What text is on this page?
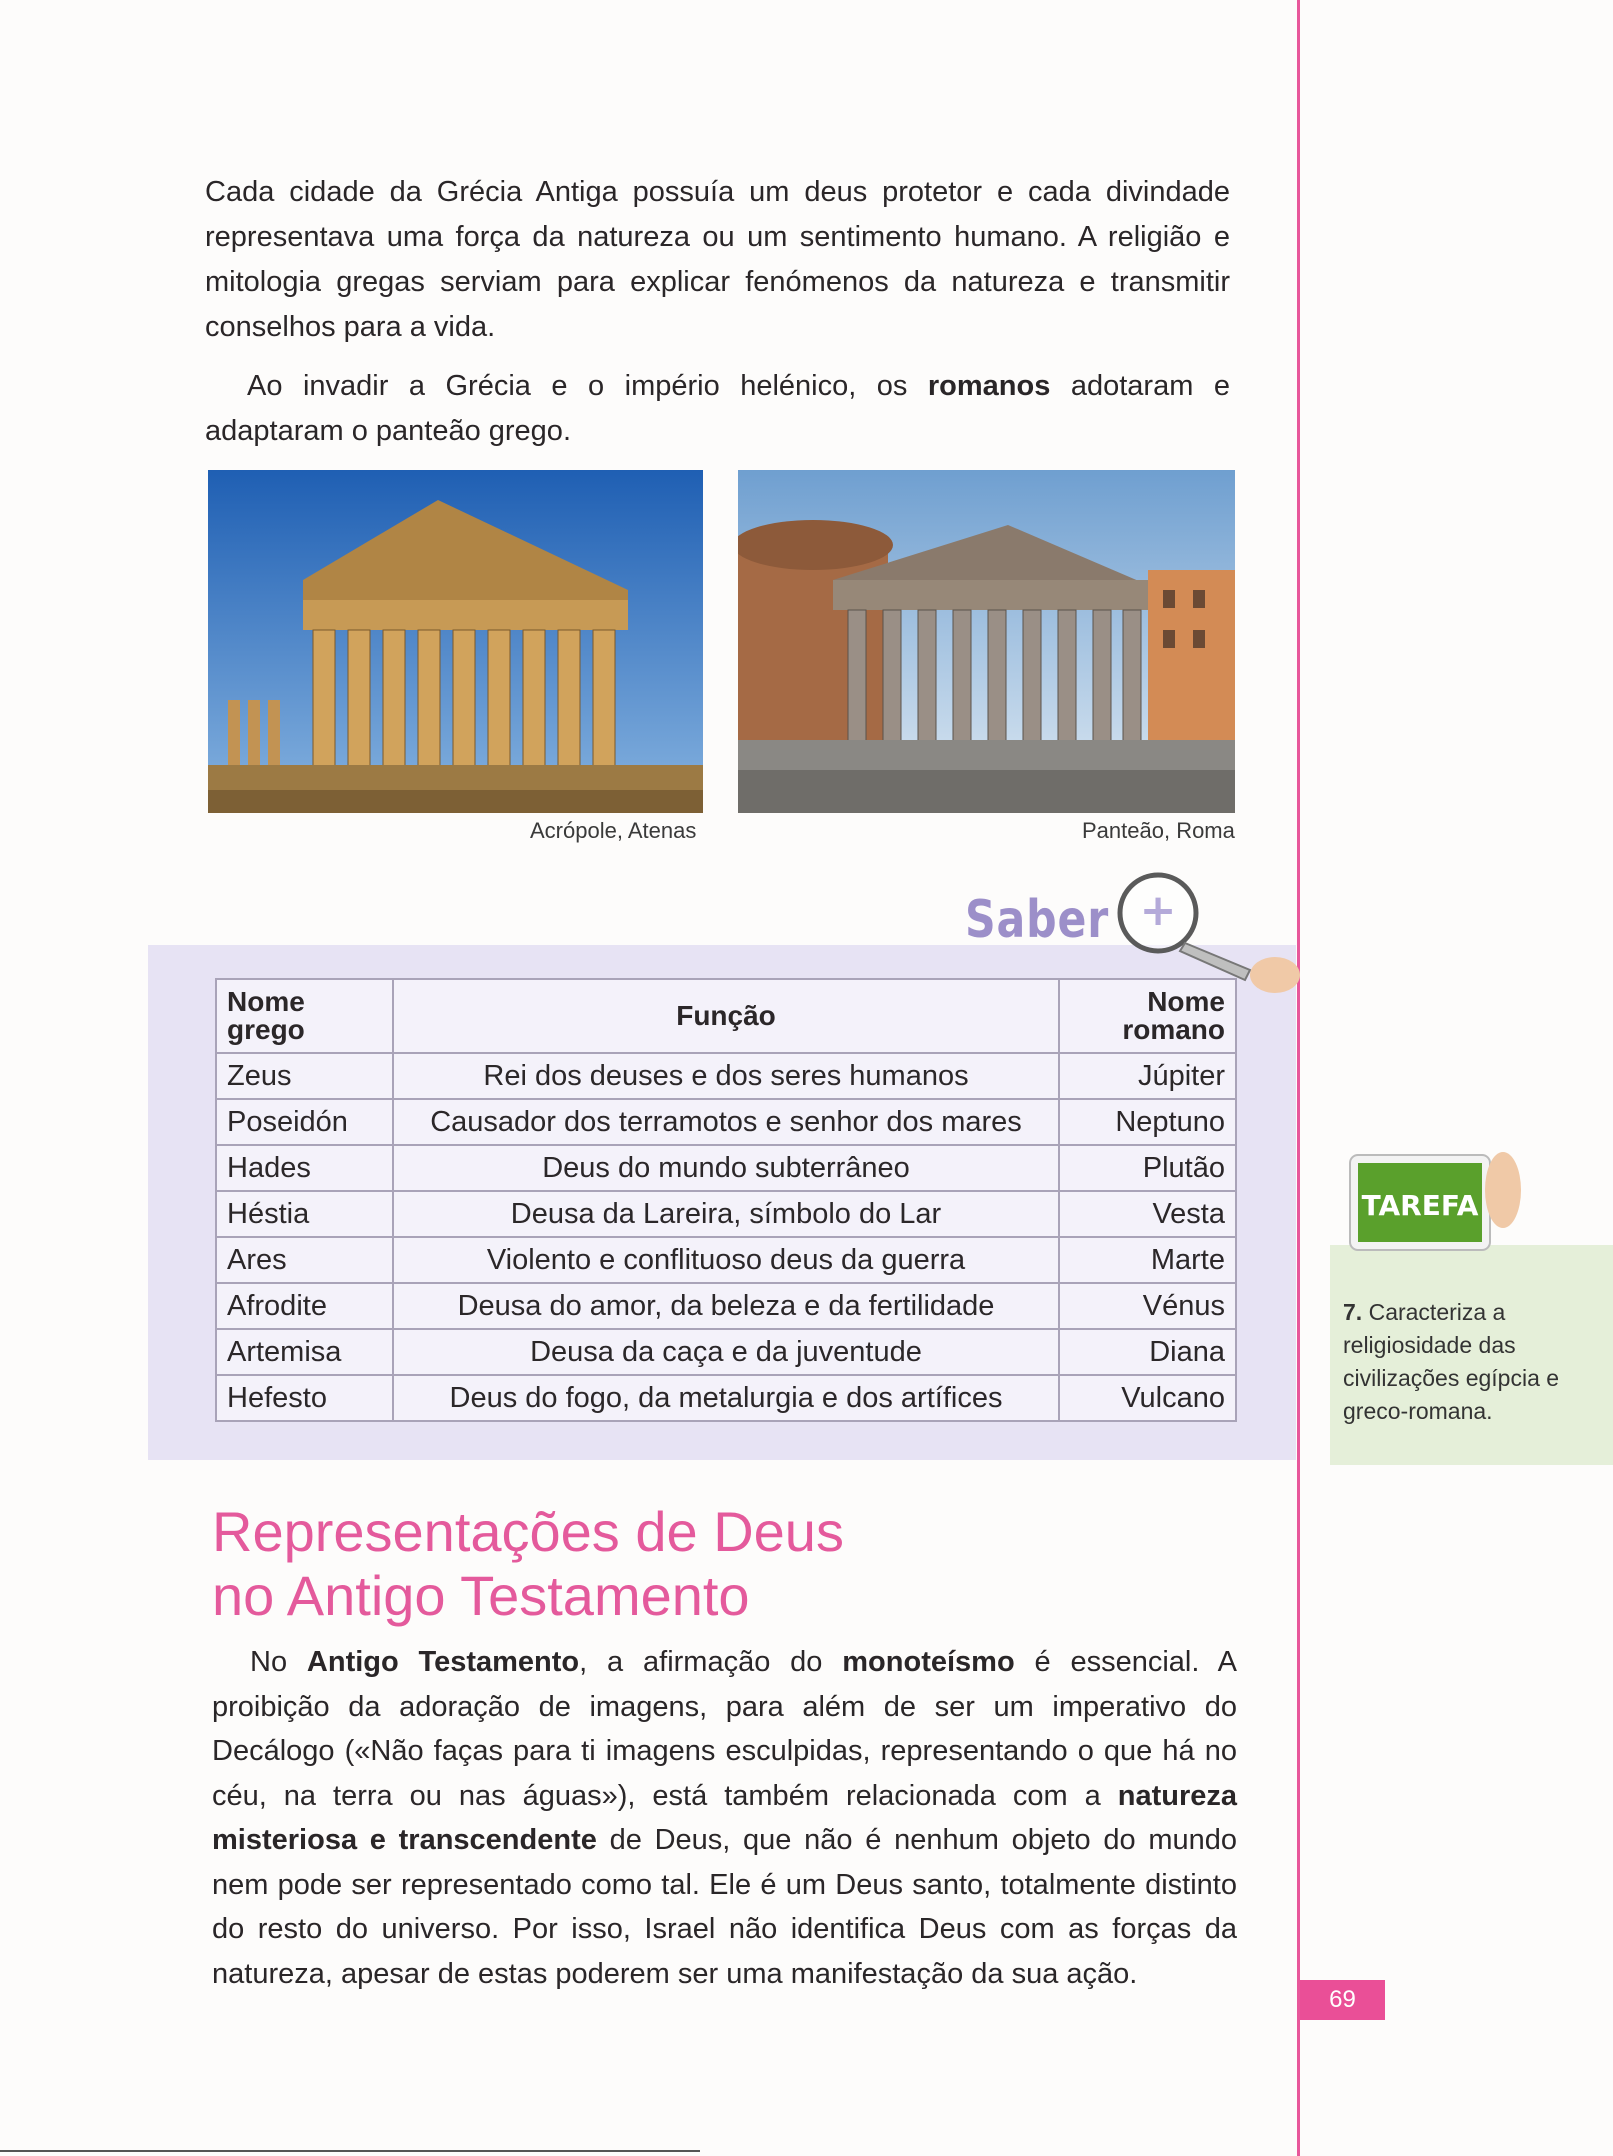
Cada cidade da Grécia Antiga possuía um deus protetor e cada divindade representava uma força da natureza ou um sentimento humano. A religião e mitologia gregas serviam para explicar fenómenos da natureza e transmitir conselhos para a vida.

Ao invadir a Grécia e o império helénico, os romanos adotaram e adaptaram o panteão grego.

Acrópole, Atenas	Panteão, Roma
Saber +
Nome grego	Função	Nome romano
Zeus	Rei dos deuses e dos seres humanos	Júpiter
Poseidón	Causador dos terramotos e senhor dos mares	Neptuno
Hades	Deus do mundo subterrâneo	Plutão
Héstia	Deusa da Lareira, símbolo do Lar	Vesta
Ares	Violento e conflituoso deus da guerra	Marte
Afrodite	Deusa do amor, da beleza e da fertilidade	Vénus
Artemisa	Deusa da caça e da juventude	Diana
Hefesto	Deus do fogo, da metalurgia e dos artífices	Vulcano
TAREFA

7. Caracteriza a religiosidade das civilizações egípcia e greco-romana.

Representações de Deus
no Antigo Testamento

No Antigo Testamento, a afirmação do monoteísmo é essencial. A proibição da adoração de imagens, para além de ser um imperativo do Decálogo («Não faças para ti imagens esculpidas, representando o que há no céu, na terra ou nas águas»), está também relacionada com a natureza misteriosa e transcendente de Deus, que não é nenhum objeto do mundo nem pode ser representado como tal. Ele é um Deus santo, totalmente distinto do resto do universo. Por isso, Israel não identifica Deus com as forças da natureza, apesar de estas poderem ser uma manifestação da sua ação.

69
